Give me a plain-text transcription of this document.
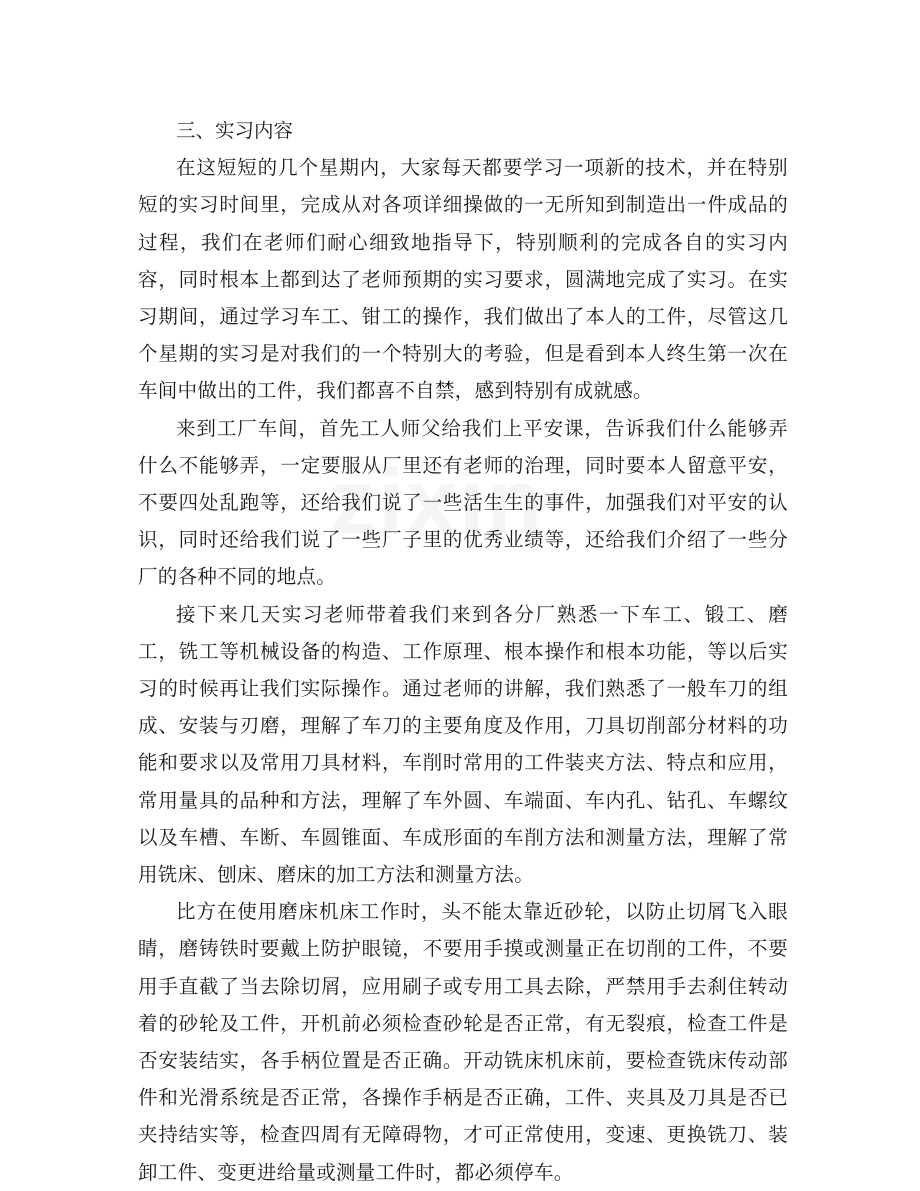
三、实习内容

在这短短的几个星期内，大家每天都要学习一项新的技术，并在特别短的实习时间里，完成从对各项详细操做的一无所知到制造出一件成品的过程，我们在老师们耐心细致地指导下，特别顺利的完成各自的实习内容，同时根本上都到达了老师预期的实习要求，圆满地完成了实习。在实习期间，通过学习车工、钳工的操作，我们做出了本人的工件，尽管这几个星期的实习是对我们的一个特别大的考验，但是看到本人终生第一次在车间中做出的工件，我们都喜不自禁，感到特别有成就感。

来到工厂车间，首先工人师父给我们上平安课，告诉我们什么能够弄什么不能够弄，一定要服从厂里还有老师的治理，同时要本人留意平安，不要四处乱跑等，还给我们说了一些活生生的事件，加强我们对平安的认识，同时还给我们说了一些厂子里的优秀业绩等，还给我们介绍了一些分厂的各种不同的地点。

接下来几天实习老师带着我们来到各分厂熟悉一下车工、锻工、磨工，铣工等机械设备的构造、工作原理、根本操作和根本功能，等以后实习的时候再让我们实际操作。通过老师的讲解，我们熟悉了一般车刀的组成、安装与刃磨，理解了车刀的主要角度及作用，刀具切削部分材料的功能和要求以及常用刀具材料，车削时常用的工件装夹方法、特点和应用，常用量具的品种和方法，理解了车外圆、车端面、车内孔、钻孔、车螺纹以及车槽、车断、车圆锥面、车成形面的车削方法和测量方法，理解了常用铣床、刨床、磨床的加工方法和测量方法。

比方在使用磨床机床工作时，头不能太靠近砂轮，以防止切屑飞入眼睛，磨铸铁时要戴上防护眼镜，不要用手摸或测量正在切削的工件，不要用手直截了当去除切屑，应用刷子或专用工具去除，严禁用手去刹住转动着的砂轮及工件，开机前必须检查砂轮是否正常，有无裂痕，检查工件是否安装结实，各手柄位置是否正确。开动铣床机床前，要检查铣床传动部件和光滑系统是否正常，各操作手柄是否正确，工件、夹具及刀具是否已夹持结实等，检查四周有无障碍物，才可正常使用，变速、更换铣刀、装卸工件、变更进给量或测量工件时，都必须停车。
